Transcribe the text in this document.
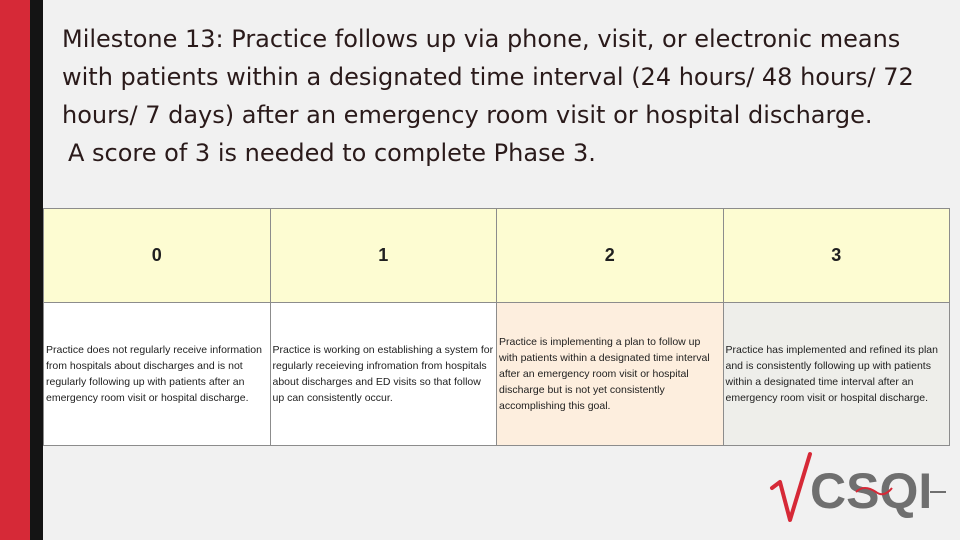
Milestone 13: Practice follows up via phone, visit, or electronic means with patients within a designated time interval (24 hours/ 48 hours/ 72 hours/ 7 days) after an emergency room visit or hospital discharge.
A score of 3 is needed to complete Phase 3.
0	1	2	3
Practice does not regularly receive information from hospitals about discharges and is not regularly following up with patients after an emergency room visit or hospital discharge.	Practice is working on establishing a system for regularly receieving infromation from hospitals about discharges and ED visits so that follow up can consistently occur.	Practice is implementing a plan to follow up with patients within a designated time interval after an emergency room visit or hospital discharge but is not yet consistently accomplishing this goal.	Practice has implemented and refined its plan and is consistently following up with patients within a designated time interval after an emergency room visit or hospital discharge.
CSQI
